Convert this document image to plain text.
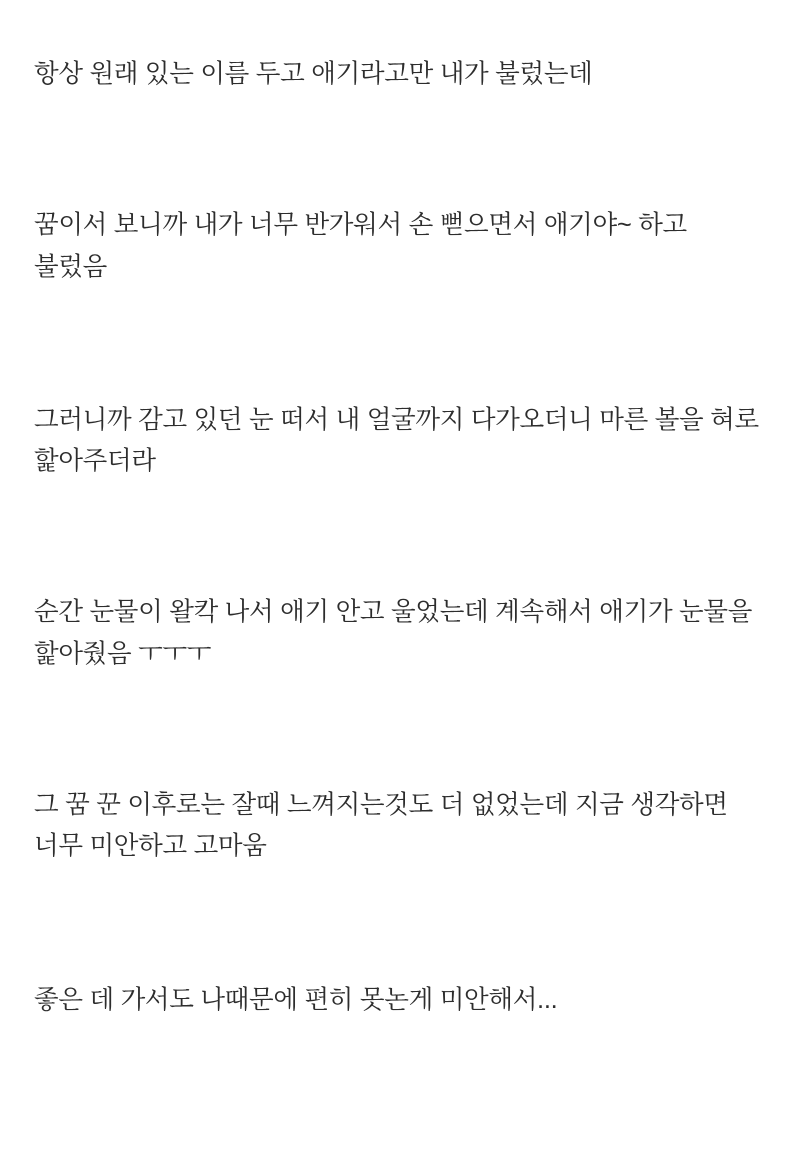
항상 원래 있는 이름 두고 애기라고만 내가 불렀는데

꿈이서 보니까 내가 너무 반가워서 손 뻗으면서 애기야~ 하고 불렀음

그러니까 감고 있던 눈 떠서 내 얼굴까지 다가오더니 마른 볼을 혀로 핥아주더라

순간 눈물이 왈칵 나서 애기 안고 울었는데 계속해서 애기가 눈물을 핥아줬음 ㅜㅜㅜ

그 꿈 꾼 이후로는 잘때 느껴지는것도 더 없었는데 지금 생각하면 너무 미안하고 고마움

좋은 데 가서도 나때문에 편히 못논게 미안해서...
